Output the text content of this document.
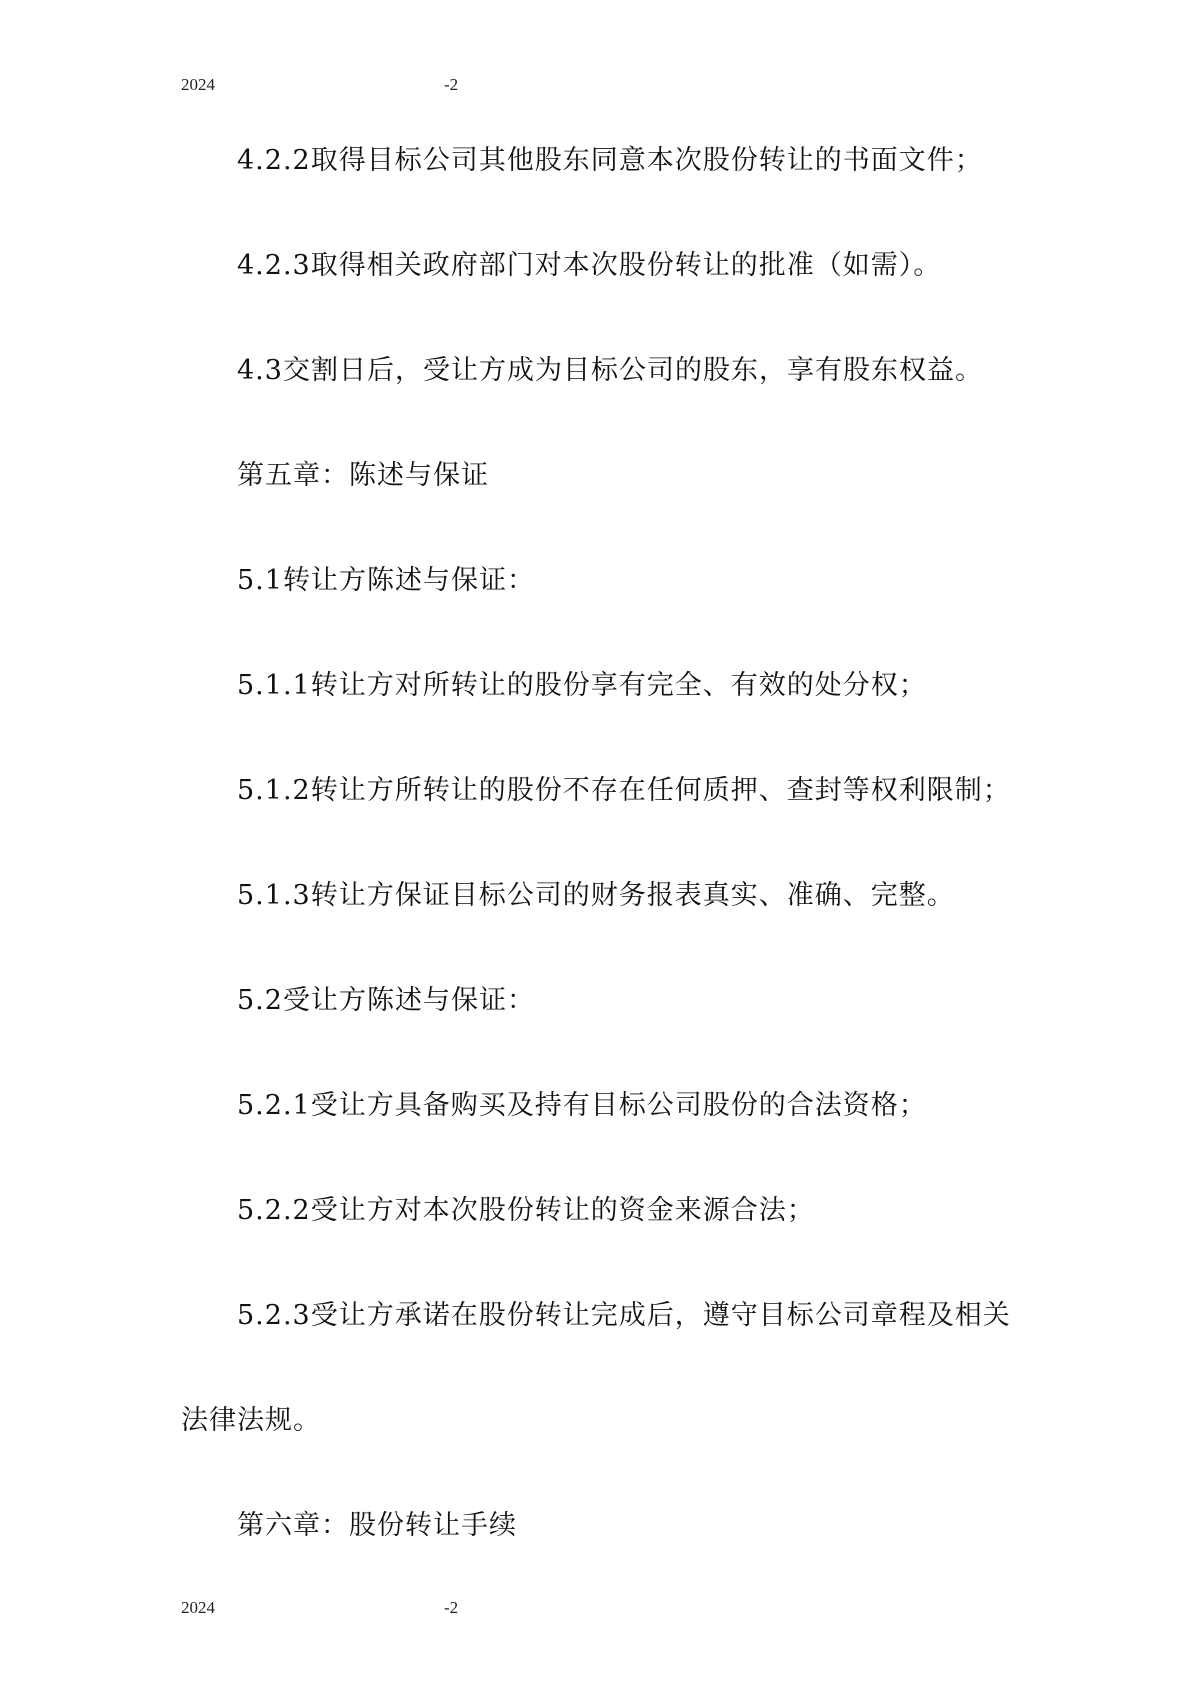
2024	-2
4.2.2取得目标公司其他股东同意本次股份转让的书面文件；
4.2.3取得相关政府部门对本次股份转让的批准（如需）。
4.3交割日后，受让方成为目标公司的股东，享有股东权益。
第五章：陈述与保证
5.1转让方陈述与保证：
5.1.1转让方对所转让的股份享有完全、有效的处分权；
5.1.2转让方所转让的股份不存在任何质押、查封等权利限制；
5.1.3转让方保证目标公司的财务报表真实、准确、完整。
5.2受让方陈述与保证：
5.2.1受让方具备购买及持有目标公司股份的合法资格；
5.2.2受让方对本次股份转让的资金来源合法；
5.2.3受让方承诺在股份转让完成后，遵守目标公司章程及相关
法律法规。
第六章：股份转让手续
2024	-2
